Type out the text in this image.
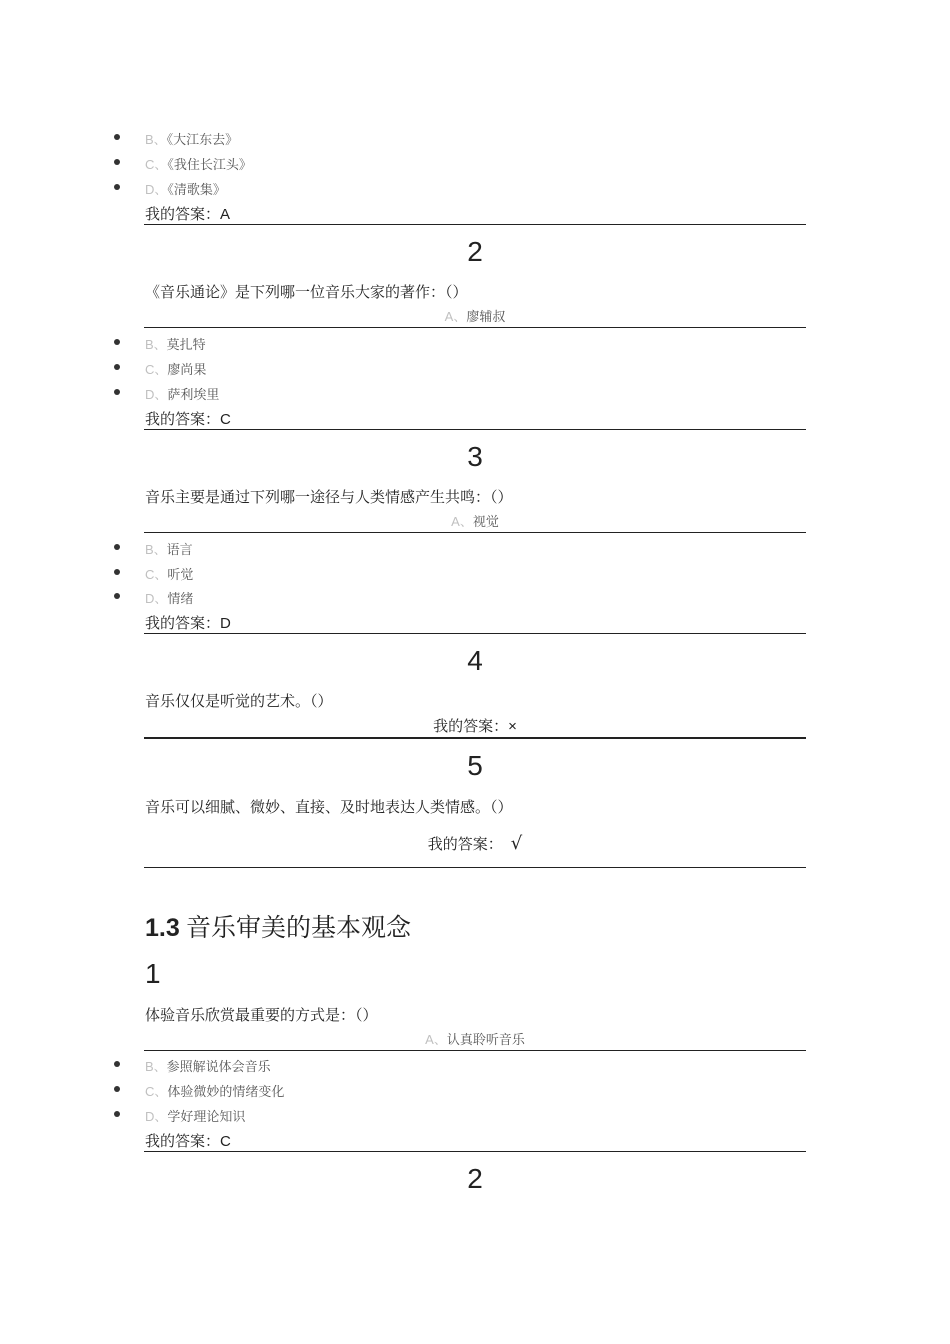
B、《大江东去》
C、《我住长江头》
D、《清歌集》
我的答案：A
2
《音乐通论》是下列哪一位音乐大家的著作：（）
A、廖辅叔
B、莫扎特
C、廖尚果
D、萨利埃里
我的答案：C
3
音乐主要是通过下列哪一途径与人类情感产生共鸣：（）
A、视觉
B、语言
C、听觉
D、情绪
我的答案：D
4
音乐仅仅是听觉的艺术。（）
我的答案：×
5
音乐可以细腻、微妙、直接、及时地表达人类情感。（）
我的答案： √
1.3 音乐审美的基本观念
1
体验音乐欣赏最重要的方式是：（）
A、认真聆听音乐
B、参照解说体会音乐
C、体验微妙的情绪变化
D、学好理论知识
我的答案：C
2
